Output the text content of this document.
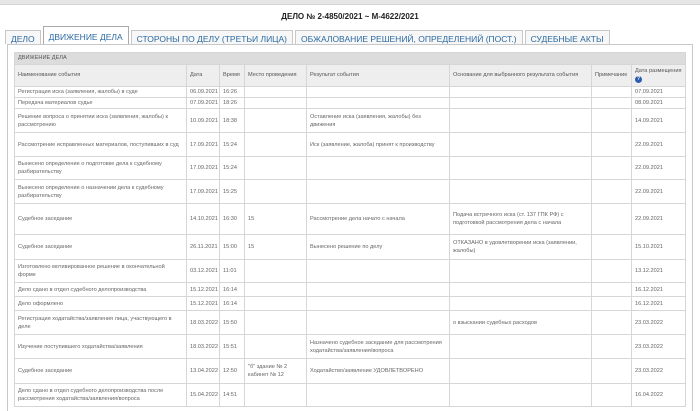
ДЕЛО № 2-4850/2021 ~ М-4622/2021
ДЕЛО	ДВИЖЕНИЕ ДЕЛА	СТОРОНЫ ПО ДЕЛУ (ТРЕТЬИ ЛИЦА)	ОБЖАЛОВАНИЕ РЕШЕНИЙ, ОПРЕДЕЛЕНИЙ (ПОСТ.)	СУДЕБНЫЕ АКТЫ
ДВИЖЕНИЕ ДЕЛА							
Наименование события	Дата	Время	Место проведения	Результат события	Основание для выбранного результата события	Примечание	Дата размещения ?
Регистрация иска (заявления, жалобы) в суде	06.09.2021	16:26					07.09.2021
Передача материалов судье	07.09.2021	18:26					08.09.2021
Решение вопроса о принятии иска (заявления, жалобы) к рассмотрению	10.09.2021	18:38		Оставление иска (заявления, жалобы) без движения			14.09.2021
Рассмотрение исправленных материалов, поступивших в суд	17.09.2021	15:24		Иск (заявление, жалоба) принят к производству			22.09.2021
Вынесено определение о подготовке дела к судебному разбирательству	17.09.2021	15:24					22.09.2021
Вынесено определение о назначении дела к судебному разбирательству	17.09.2021	15:25					22.09.2021
Судебное заседание	14.10.2021	16:30	15	Рассмотрение дела начато с начала	Подача встречного иска (ст. 137 ГПК РФ) с подготовкой рассмотрения дела с начала		22.09.2021
Судебное заседание	26.11.2021	15:00	15	Вынесено решение по делу	ОТКАЗАНО в удовлетворении иска (заявлении, жалобы)		15.10.2021
Изготовлено мотивированное решение в окончательной форме	03.12.2021	11:01					13.12.2021
Дело сдано в отдел судебного делопроизводства	15.12.2021	16:14					16.12.2021
Дело оформлено	15.12.2021	16:14					16.12.2021
Регистрация ходатайства/заявления лица, участвующего в деле	18.03.2022	15:50			о взыскании судебных расходов		23.03.2022
Изучение поступившего ходатайства/заявления	18.03.2022	15:51		Назначено судебное заседание для рассмотрения ходатайства/заявления/вопроса			23.03.2022
Судебное заседание	13.04.2022	12:50	"б" здание № 2 кабинет № 12	Ходатайство/заявление УДОВЛЕТВОРЕНО			23.03.2022
Дело сдано в отдел судебного делопроизводства после рассмотрения ходатайства/заявления/вопроса	15.04.2022	14:51					16.04.2022
